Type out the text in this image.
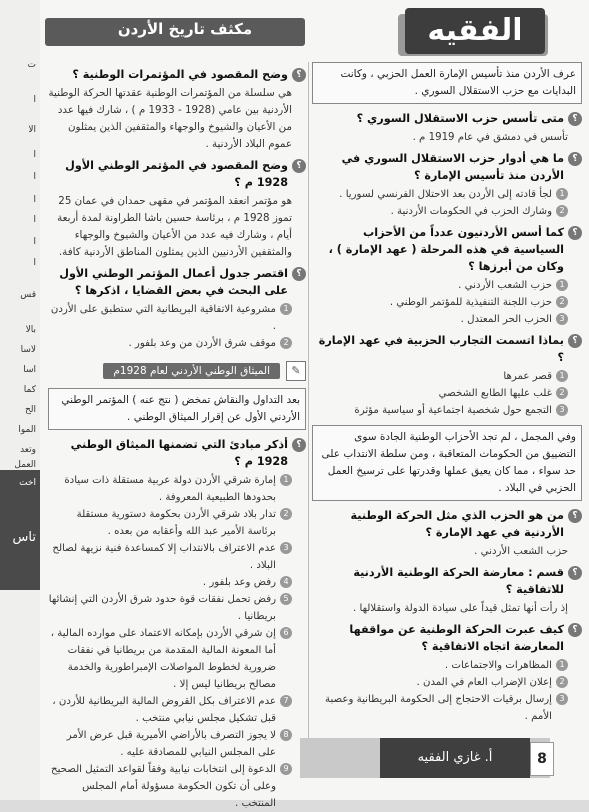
ت
ا
الا
ا
ا
ا
ا
ا
ا
قس
بالا
لأسا
أسا
كما
الح
الموا
وتعد
العمل
اخت
تاس
مكثف تاريخ الأردن	الفقيه
عرف الأردن منذ تأسيس الإمارة العمل الحزبي ، وكانت البدايات مع حزب الاستقلال السوري .
؟
متى تأسس حزب الاستقلال السوري ؟
تأسس في دمشق في عام 1919 م .
؟
ما هي أدوار حزب الاستقلال السوري في الأردن منذ تأسيس الإمارة ؟
1
لجأ قادته إلى الأردن بعد الاحتلال الفرنسي لسوريا .
2
وشارك الحزب في الحكومات الأردنية .
؟
كما أسس الأردنيون عدداً من الأحزاب السياسية في هذه المرحلة ( عهد الإمارة ) ، وكان من أبرزها ؟
1
حزب الشعب الأردني .
2
حزب اللجنة التنفيذية للمؤتمر الوطني .
3
الحزب الحر المعتدل .
؟
بماذا اتسمت التجارب الحزبية في عهد الإمارة ؟
1
قصر عمرها
2
غلب عليها الطابع الشخصي
3
التجمع حول شخصية اجتماعية أو سياسية مؤثرة
وفي المجمل ، لم تجد الأحزاب الوطنية الجادة سوى التضييق من الحكومات المتعاقبة ، ومن سلطة الانتداب على حد سواء ، مما كان يعيق عملها وقدرتها على ترسيخ العمل الحزبي في البلاد .
؟
من هو الحزب الذي مثل الحركة الوطنية الأردنية في عهد الإمارة ؟
حزب الشعب الأردني .
؟
قسم : معارضة الحركة الوطنية الأردنية للاتفاقية ؟
إذ رأت أنها تمثل قيداً على سيادة الدولة واستقلالها .
؟
كيف عبرت الحركة الوطنية عن مواقفها المعارضة اتجاه الاتفاقية ؟
1
المظاهرات والاجتماعات .
2
إعلان الإضراب العام في المدن .
3
إرسال برقيات الاحتجاج إلى الحكومة البريطانية وعصبة الأمم .
؟
وضح المقصود في المؤتمرات الوطنية ؟
هي سلسلة من المؤتمرات الوطنية عقدتها الحركة الوطنية الأردنية بين عامي (1928 - 1933 م ) ، شارك فيها عدد من الأعيان والشيوخ والوجهاء والمثقفين الذين يمثلون عموم البلاد الأردنية .
؟
وضح المقصود في المؤتمر الوطني الأول 1928 م ؟
هو مؤتمر انعقد المؤتمر في مقهى حمدان في عمان 25 تموز 1928 م ، برئاسة حسين باشا الطراونة لمدة أربعة أيام ، وشارك فيه عدد من الأعيان والشيوخ والوجهاء والمثقفين الأردنيين الذين يمثلون المناطق الأردنية كافة.
؟
اقتصر جدول أعمال المؤتمر الوطني الأول على البحث في بعض القضايا ، اذكرها ؟
1
مشروعية الاتفاقية البريطانية التي ستطبق على الأردن .
2
موقف شرق الأردن من وعد بلفور .
✎
الميثاق الوطني الأردني لعام 1928م
بعد التداول والنقاش تمخض ( نتج عنه ) المؤتمر الوطني الأردني الأول عن إقرار الميثاق الوطني .
؟
أذكر مبادئ التي تضمنها الميثاق الوطني 1928 م ؟
1
إمارة شرقي الأردن دولة عربية مستقلة ذات سيادة بحدودها الطبيعية المعروفة .
2
تدار بلاد شرقي الأردن بحكومة دستورية مستقلة برئاسة الأمير عبد الله وأعقابه من بعده .
3
عدم الاعتراف بالانتداب إلا كمساعدة فنية نزيهة لصالح البلاد .
4
رفض وعد بلفور .
5
رفض تحمل نفقات قوة حدود شرق الأردن التي إنشائها بريطانيا .
6
إن شرقي الأردن بإمكانه الاعتماد على موارده المالية ، أما المعونة المالية المقدمة من بريطانيا في نفقات ضرورية لخطوط المواصلات الإمبراطورية والخدمة مصالح بريطانيا ليس إلا .
7
عدم الاعتراف بكل القروض المالية البريطانية للأردن ، قبل تشكيل مجلس نيابي منتخب .
8
لا يجوز التصرف بالأراضي الأميرية قبل عرض الأمر على المجلس النيابي للمصادقة عليه .
9
الدعوة إلى انتخابات نيابية وفقاً لقواعد التمثيل الصحيح وعلى أن تكون الحكومة مسؤولة أمام المجلس المنتخب .
أ. غازي الفقيه	8
